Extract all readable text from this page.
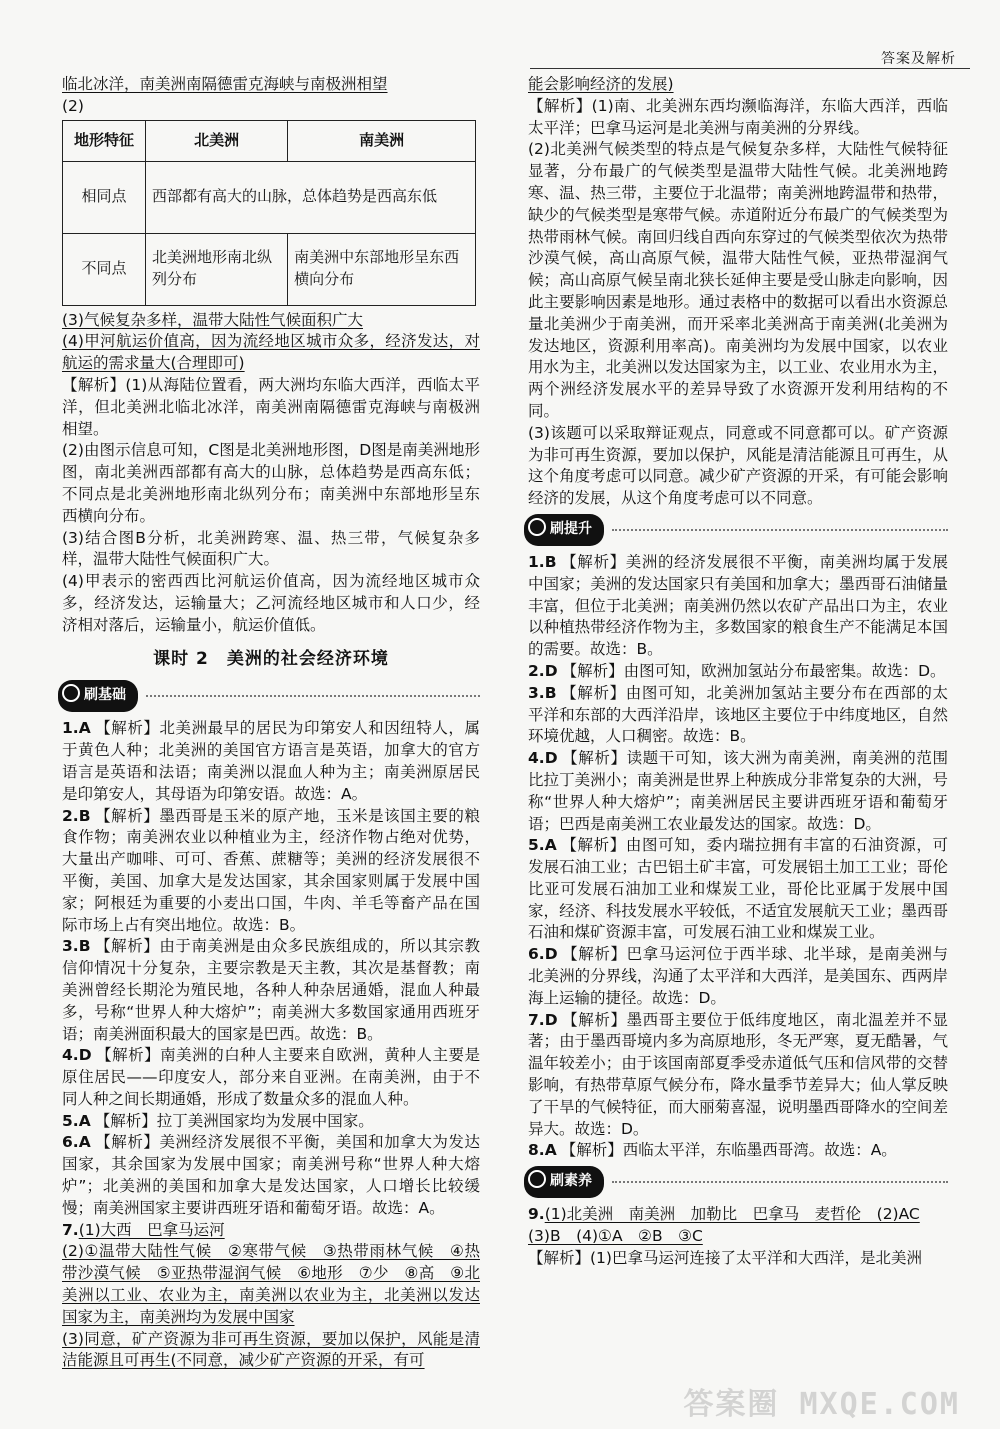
答案及解析

临北冰洋，南美洲南隔德雷克海峡与南极洲相望

(2)

地形特征	北美洲	南美洲
相同点	西部都有高大的山脉，总体趋势是西高东低	
不同点	北美洲地形南北纵列分布	南美洲中东部地形呈东西横向分布

(3)气候复杂多样，温带大陆性气候面积广大

(4)甲河航运价值高，因为流经地区城市众多，经济发达，对航运的需求量大(合理即可)

【解析】(1)从海陆位置看，两大洲均东临大西洋，西临太平洋，但北美洲北临北冰洋，南美洲南隔德雷克海峡与南极洲相望。

(2)由图示信息可知，C图是北美洲地形图，D图是南美洲地形图，南北美洲西部都有高大的山脉，总体趋势是西高东低；不同点是北美洲地形南北纵列分布；南美洲中东部地形呈东西横向分布。

(3)结合图B分析，北美洲跨寒、温、热三带，气候复杂多样，温带大陆性气候面积广大。

(4)甲表示的密西西比河航运价值高，因为流经地区城市众多，经济发达，运输量大；乙河流经地区城市和人口少，经济相对落后，运输量小，航运价值低。

课时 2　美洲的社会经济环境
刷基础

1.A 【解析】北美洲最早的居民为印第安人和因纽特人，属于黄色人种；北美洲的美国官方语言是英语，加拿大的官方语言是英语和法语；南美洲以混血人种为主；南美洲原居民是印第安人，其母语为印第安语。故选：A。

2.B 【解析】墨西哥是玉米的原产地，玉米是该国主要的粮食作物；南美洲农业以种植业为主，经济作物占绝对优势，大量出产咖啡、可可、香蕉、蔗糖等；美洲的经济发展很不平衡，美国、加拿大是发达国家，其余国家则属于发展中国家；阿根廷为重要的小麦出口国，牛肉、羊毛等畜产品在国际市场上占有突出地位。故选：B。

3.B 【解析】由于南美洲是由众多民族组成的，所以其宗教信仰情况十分复杂，主要宗教是天主教，其次是基督教；南美洲曾经长期沦为殖民地，各种人种杂居通婚，混血人种最多，号称“世界人种大熔炉”；南美洲大多数国家通用西班牙语；南美洲面积最大的国家是巴西。故选：B。

4.D 【解析】南美洲的白种人主要来自欧洲，黄种人主要是原住居民——印度安人，部分来自亚洲。在南美洲，由于不同人种之间长期通婚，形成了数量众多的混血人种。

5.A 【解析】拉丁美洲国家均为发展中国家。

6.A 【解析】美洲经济发展很不平衡，美国和加拿大为发达国家，其余国家为发展中国家；南美洲号称“世界人种大熔炉”；北美洲的美国和加拿大是发达国家，人口增长比较缓慢；南美洲国家主要讲西班牙语和葡萄牙语。故选：A。

7.(1)大西　巴拿马运河

(2)①温带大陆性气候　②寒带气候　③热带雨林气候　④热带沙漠气候　⑤亚热带湿润气候　⑥地形　⑦少　⑧高　⑨北美洲以工业、农业为主，南美洲以农业为主，北美洲以发达国家为主，南美洲均为发展中国家

(3)同意，矿产资源为非可再生资源，要加以保护，风能是清洁能源且可再生(不同意，减少矿产资源的开采，有可

能会影响经济的发展)

【解析】(1)南、北美洲东西均濒临海洋，东临大西洋，西临太平洋；巴拿马运河是北美洲与南美洲的分界线。

(2)北美洲气候类型的特点是气候复杂多样，大陆性气候特征显著，分布最广的气候类型是温带大陆性气候。北美洲地跨寒、温、热三带，主要位于北温带；南美洲地跨温带和热带，缺少的气候类型是寒带气候。赤道附近分布最广的气候类型为热带雨林气候。南回归线自西向东穿过的气候类型依次为热带沙漠气候，高山高原气候，温带大陆性气候，亚热带湿润气候；高山高原气候呈南北狭长延伸主要是受山脉走向影响，因此主要影响因素是地形。通过表格中的数据可以看出水资源总量北美洲少于南美洲，而开采率北美洲高于南美洲(北美洲为发达地区，资源利用率高)。南美洲均为发展中国家，以农业用水为主，北美洲以发达国家为主，以工业、农业用水为主，两个洲经济发展水平的差异导致了水资源开发利用结构的不同。

(3)该题可以采取辩证观点，同意或不同意都可以。矿产资源为非可再生资源，要加以保护，风能是清洁能源且可再生，从这个角度考虑可以同意。减少矿产资源的开采，有可能会影响经济的发展，从这个角度考虑可以不同意。

刷提升

1.B 【解析】美洲的经济发展很不平衡，南美洲均属于发展中国家；美洲的发达国家只有美国和加拿大；墨西哥石油储量丰富，但位于北美洲；南美洲仍然以农矿产品出口为主，农业以种植热带经济作物为主，多数国家的粮食生产不能满足本国的需要。故选：B。

2.D 【解析】由图可知，欧洲加氢站分布最密集。故选：D。

3.B 【解析】由图可知，北美洲加氢站主要分布在西部的太平洋和东部的大西洋沿岸，该地区主要位于中纬度地区，自然环境优越，人口稠密。故选：B。

4.D 【解析】读题干可知，该大洲为南美洲，南美洲的范围比拉丁美洲小；南美洲是世界上种族成分非常复杂的大洲，号称“世界人种大熔炉”；南美洲居民主要讲西班牙语和葡萄牙语；巴西是南美洲工农业最发达的国家。故选：D。

5.A 【解析】由图可知，委内瑞拉拥有丰富的石油资源，可发展石油工业；古巴铝土矿丰富，可发展铝土加工工业；哥伦比亚可发展石油加工业和煤炭工业，哥伦比亚属于发展中国家，经济、科技发展水平较低，不适宜发展航天工业；墨西哥石油和煤矿资源丰富，可发展石油工业和煤炭工业。

6.D 【解析】巴拿马运河位于西半球、北半球，是南美洲与北美洲的分界线，沟通了太平洋和大西洋，是美国东、西两岸海上运输的捷径。故选：D。

7.D 【解析】墨西哥主要位于低纬度地区，南北温差并不显著；由于墨西哥境内多为高原地形，冬无严寒，夏无酷暑，气温年较差小；由于该国南部夏季受赤道低气压和信风带的交替影响，有热带草原气候分布，降水量季节差异大；仙人掌反映了干旱的气候特征，而大丽菊喜湿，说明墨西哥降水的空间差异大。故选：D。

8.A 【解析】西临太平洋，东临墨西哥湾。故选：A。

刷素养

9.(1)北美洲　南美洲　加勒比　巴拿马　麦哲伦　(2)AC

(3)B　(4)①A　②B　③C

【解析】(1)巴拿马运河连接了太平洋和大西洋，是北美洲

答案圈 MXQE.COM
